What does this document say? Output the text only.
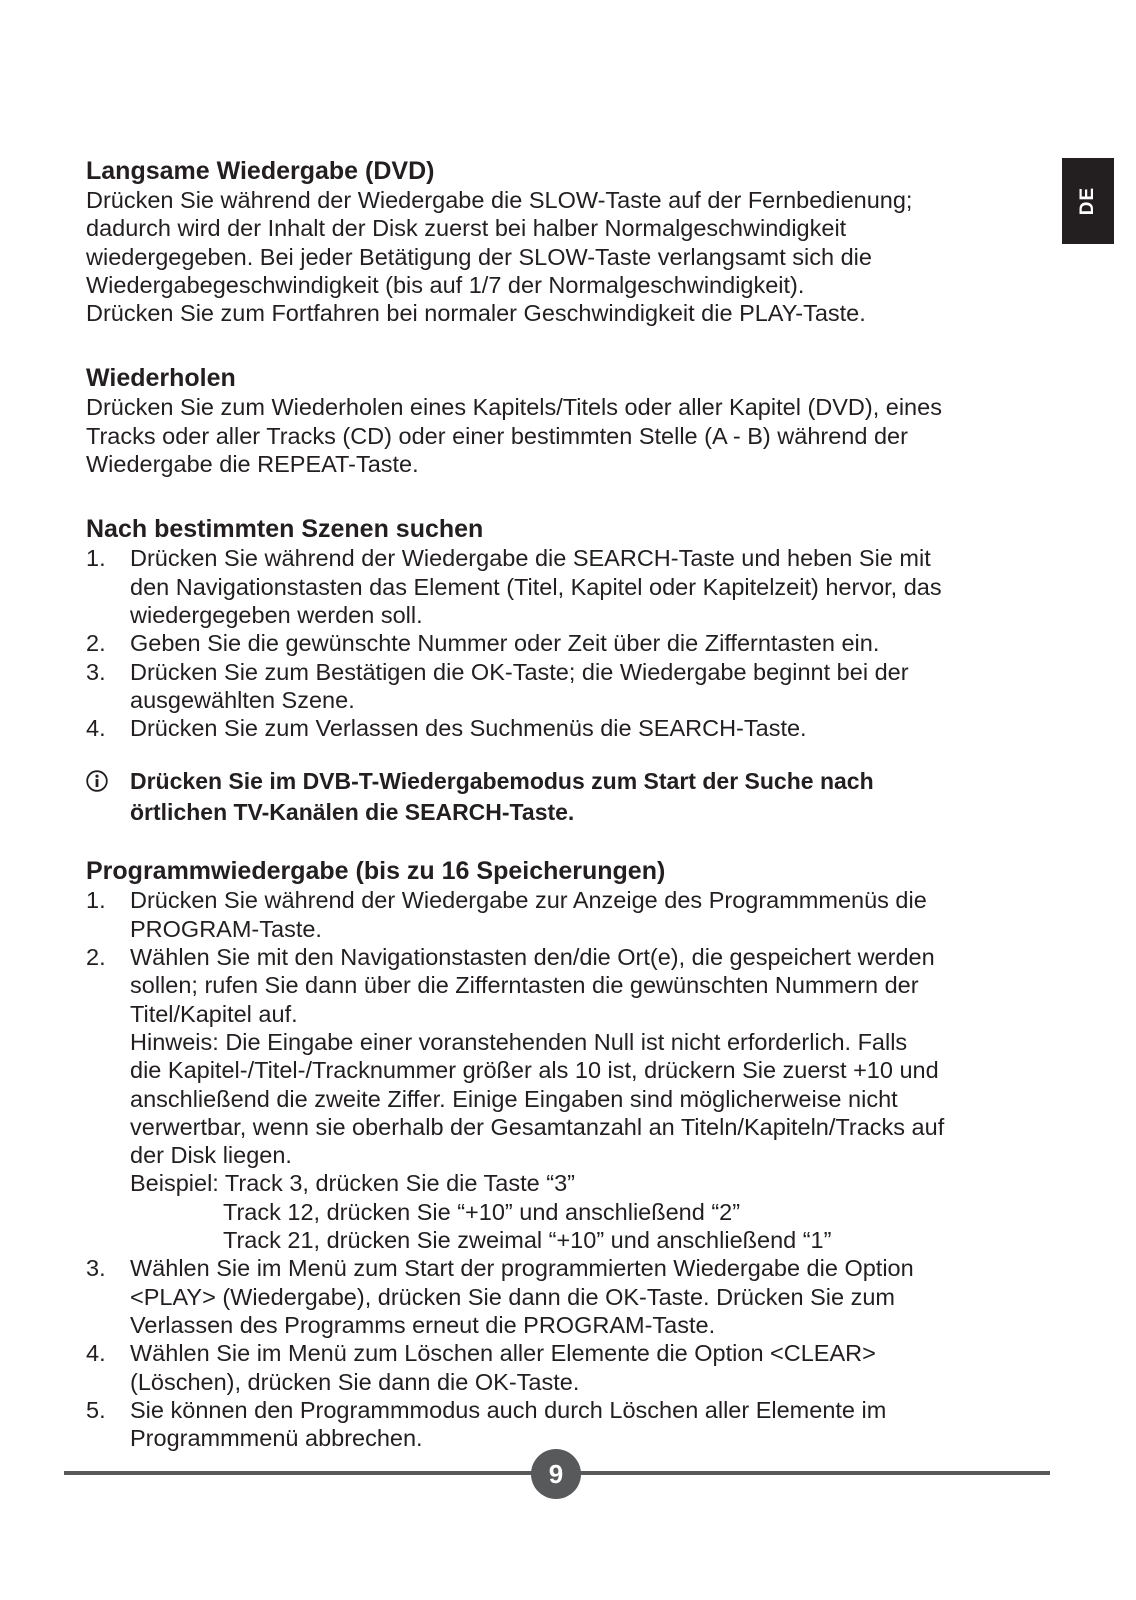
DE
Langsame Wiedergabe (DVD)
Drücken Sie während der Wiedergabe die SLOW-Taste auf der Fernbedienung;
dadurch wird der Inhalt der Disk zuerst bei halber Normalgeschwindigkeit
wiedergegeben. Bei jeder Betätigung der SLOW-Taste verlangsamt sich die
Wiedergabegeschwindigkeit (bis auf 1/7 der Normalgeschwindigkeit).
Drücken Sie zum Fortfahren bei normaler Geschwindigkeit die PLAY-Taste.
Wiederholen
Drücken Sie zum Wiederholen eines Kapitels/Titels oder aller Kapitel (DVD), eines
Tracks oder aller Tracks (CD) oder einer bestimmten Stelle (A - B) während der
Wiedergabe die REPEAT-Taste.
Nach bestimmten Szenen suchen
1. Drücken Sie während der Wiedergabe die SEARCH-Taste und heben Sie mit
den Navigationstasten das Element (Titel, Kapitel oder Kapitelzeit) hervor, das
wiedergegeben werden soll.
2. Geben Sie die gewünschte Nummer oder Zeit über die Zifferntasten ein.
3. Drücken Sie zum Bestätigen die OK-Taste; die Wiedergabe beginnt bei der
ausgewählten Szene.
4. Drücken Sie zum Verlassen des Suchmenüs die SEARCH-Taste.
Drücken Sie im DVB-T-Wiedergabemodus zum Start der Suche nach
örtlichen TV-Kanälen die SEARCH-Taste.
Programmwiedergabe (bis zu 16 Speicherungen)
1. Drücken Sie während der Wiedergabe zur Anzeige des Programmmenüs die
PROGRAM-Taste.
2. Wählen Sie mit den Navigationstasten den/die Ort(e), die gespeichert werden
sollen; rufen Sie dann über die Zifferntasten die gewünschten Nummern der
Titel/Kapitel auf.
Hinweis: Die Eingabe einer voranstehenden Null ist nicht erforderlich. Falls
die Kapitel-/Titel-/Tracknummer größer als 10 ist, drückern Sie zuerst +10 und
anschließend die zweite Ziffer. Einige Eingaben sind möglicherweise nicht
verwertbar, wenn sie oberhalb der Gesamtanzahl an Titeln/Kapiteln/Tracks auf
der Disk liegen.
Beispiel: Track 3, drücken Sie die Taste “3”
Track 12, drücken Sie “+10” und anschließend “2”
Track 21, drücken Sie zweimal “+10” und anschließend “1”
3. Wählen Sie im Menü zum Start der programmierten Wiedergabe die Option
<PLAY> (Wiedergabe), drücken Sie dann die OK-Taste. Drücken Sie zum
Verlassen des Programms erneut die PROGRAM-Taste.
4. Wählen Sie im Menü zum Löschen aller Elemente die Option <CLEAR>
(Löschen), drücken Sie dann die OK-Taste.
5. Sie können den Programmmodus auch durch Löschen aller Elemente im
Programmmenü abbrechen.
9
